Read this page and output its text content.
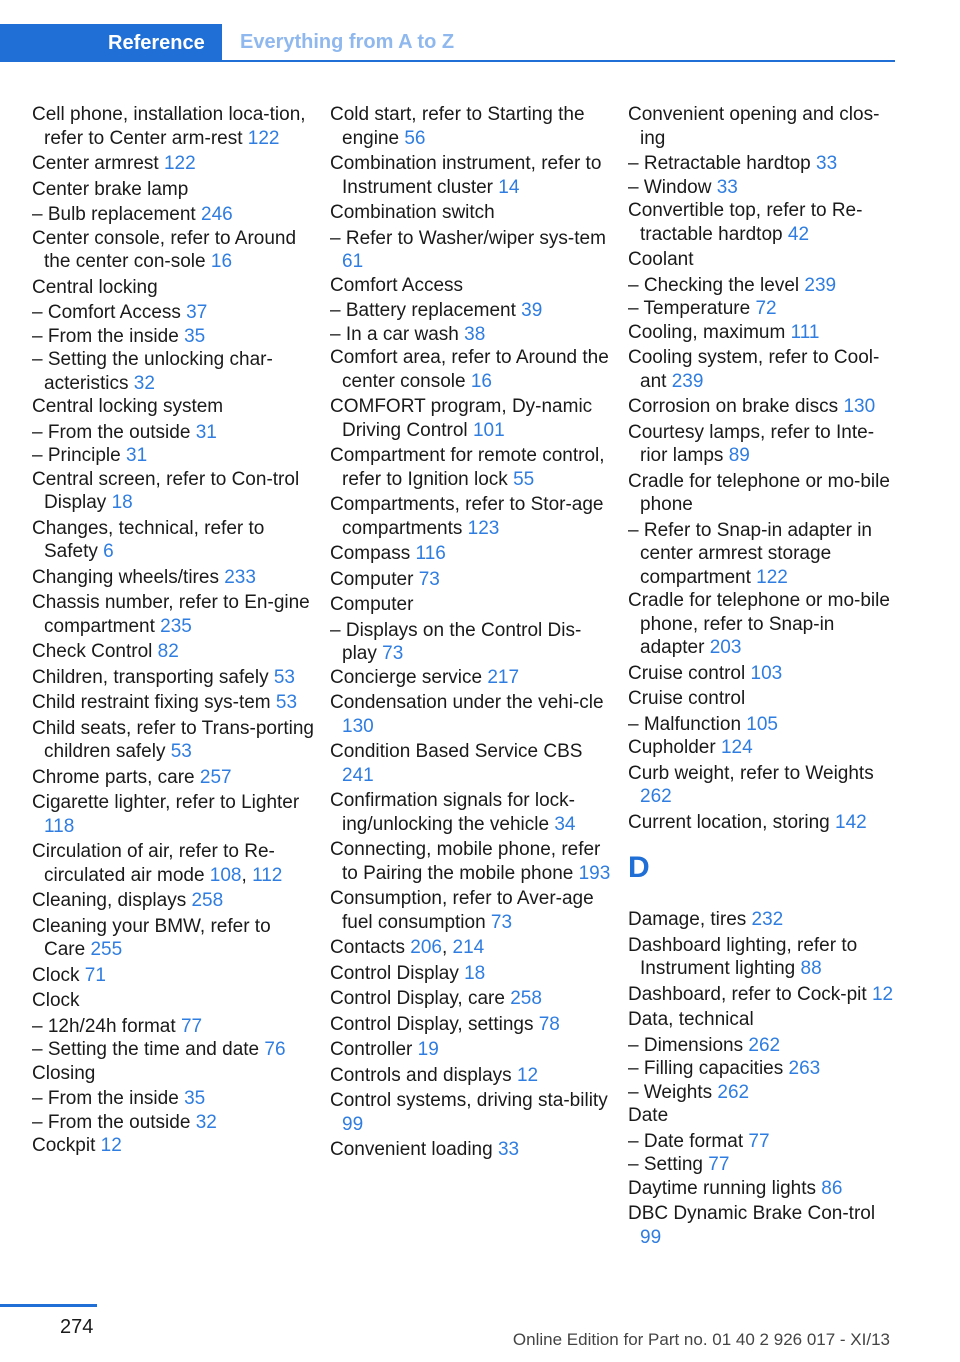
Reference	Everything from A to Z
Cell phone, installation loca‐tion, refer to Center arm‐rest 122
Center armrest 122
Center brake lamp
– Bulb replacement 246
Center console, refer to Around the center con‐sole 16
Central locking
– Comfort Access 37
– From the inside 35
– Setting the unlocking char‐acteristics 32
Central locking system
– From the outside 31
– Principle 31
Central screen, refer to Con‐trol Display 18
Changes, technical, refer to Safety 6
Changing wheels/tires 233
Chassis number, refer to En‐gine compartment 235
Check Control 82
Children, transporting safely 53
Child restraint fixing sys‐tem 53
Child seats, refer to Trans‐porting children safely 53
Chrome parts, care 257
Cigarette lighter, refer to Lighter 118
Circulation of air, refer to Re‐circulated air mode 108, 112
Cleaning, displays 258
Cleaning your BMW, refer to Care 255
Clock 71
Clock
– 12h/24h format 77
– Setting the time and date 76
Closing
– From the inside 35
– From the outside 32
Cockpit 12
Cold start, refer to Starting the engine 56
Combination instrument, refer to Instrument cluster 14
Combination switch
– Refer to Washer/wiper sys‐tem 61
Comfort Access
– Battery replacement 39
– In a car wash 38
Comfort area, refer to Around the center console 16
COMFORT program, Dy‐namic Driving Control 101
Compartment for remote control, refer to Ignition lock 55
Compartments, refer to Stor‐age compartments 123
Compass 116
Computer 73
Computer
– Displays on the Control Dis‐play 73
Concierge service 217
Condensation under the vehi‐cle 130
Condition Based Service CBS 241
Confirmation signals for lock‐ing/unlocking the vehicle 34
Connecting, mobile phone, refer to Pairing the mobile phone 193
Consumption, refer to Aver‐age fuel consumption 73
Contacts 206, 214
Control Display 18
Control Display, care 258
Control Display, settings 78
Controller 19
Controls and displays 12
Control systems, driving sta‐bility 99
Convenient loading 33
Convenient opening and clos‐ing
– Retractable hardtop 33
– Window 33
Convertible top, refer to Re‐tractable hardtop 42
Coolant
– Checking the level 239
– Temperature 72
Cooling, maximum 111
Cooling system, refer to Cool‐ant 239
Corrosion on brake discs 130
Courtesy lamps, refer to Inte‐rior lamps 89
Cradle for telephone or mo‐bile phone
– Refer to Snap-in adapter in center armrest storage compartment 122
Cradle for telephone or mo‐bile phone, refer to Snap-in adapter 203
Cruise control 103
Cruise control
– Malfunction 105
Cupholder 124
Curb weight, refer to Weights 262
Current location, storing 142
D
Damage, tires 232
Dashboard lighting, refer to Instrument lighting 88
Dashboard, refer to Cock‐pit 12
Data, technical
– Dimensions 262
– Filling capacities 263
– Weights 262
Date
– Date format 77
– Setting 77
Daytime running lights 86
DBC Dynamic Brake Con‐trol 99
274
Online Edition for Part no. 01 40 2 926 017 - XI/13
